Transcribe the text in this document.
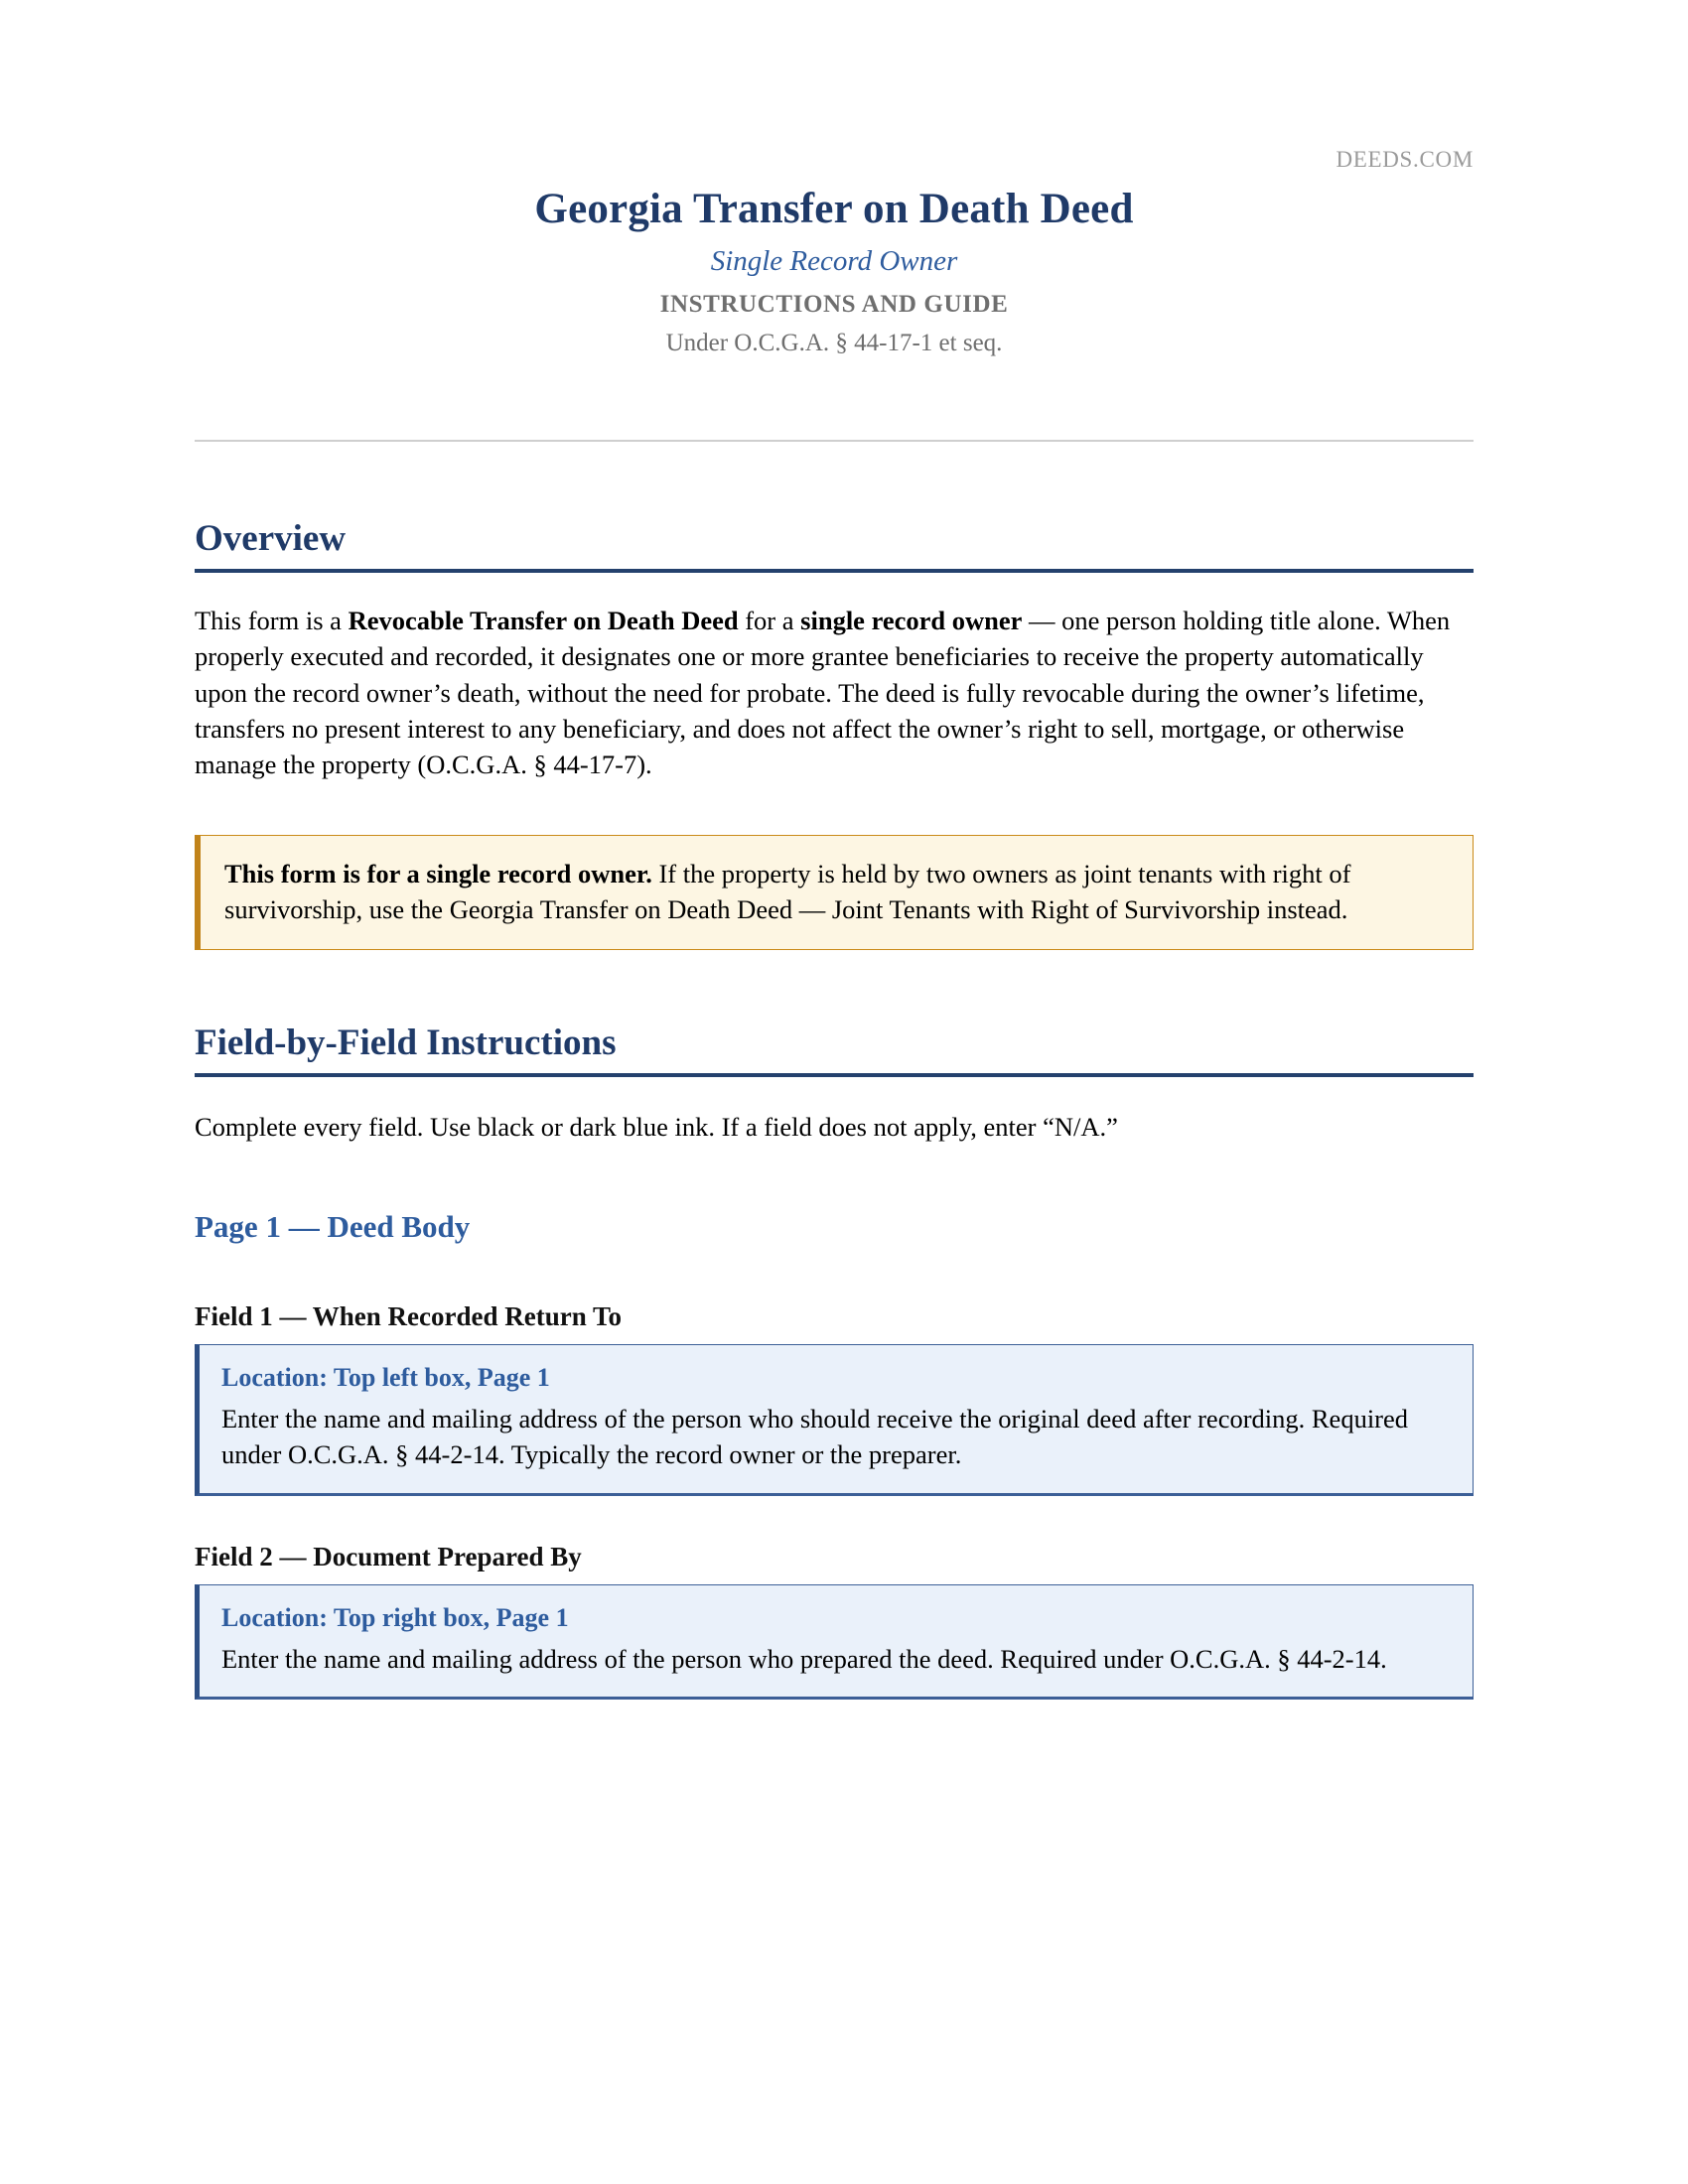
DEEDS.COM
Georgia Transfer on Death Deed
Single Record Owner
INSTRUCTIONS AND GUIDE
Under O.C.G.A. § 44-17-1 et seq.
Overview

This form is a Revocable Transfer on Death Deed for a single record owner — one person holding title alone. When properly executed and recorded, it designates one or more grantee beneficiaries to receive the property automatically upon the record owner’s death, without the need for probate. The deed is fully revocable during the owner’s lifetime, transfers no present interest to any beneficiary, and does not affect the owner’s right to sell, mortgage, or otherwise manage the property (O.C.G.A. § 44-17-7).

This form is for a single record owner. If the property is held by two owners as joint tenants with right of survivorship, use the Georgia Transfer on Death Deed — Joint Tenants with Right of Survivorship instead.
Field-by-Field Instructions

Complete every field. Use black or dark blue ink. If a field does not apply, enter “N/A.”

Page 1 — Deed Body
Field 1 — When Recorded Return To
Location: Top left box, Page 1
Enter the name and mailing address of the person who should receive the original deed after recording. Required under O.C.G.A. § 44-2-14. Typically the record owner or the preparer.
Field 2 — Document Prepared By
Location: Top right box, Page 1
Enter the name and mailing address of the person who prepared the deed. Required under O.C.G.A. § 44-2-14.
